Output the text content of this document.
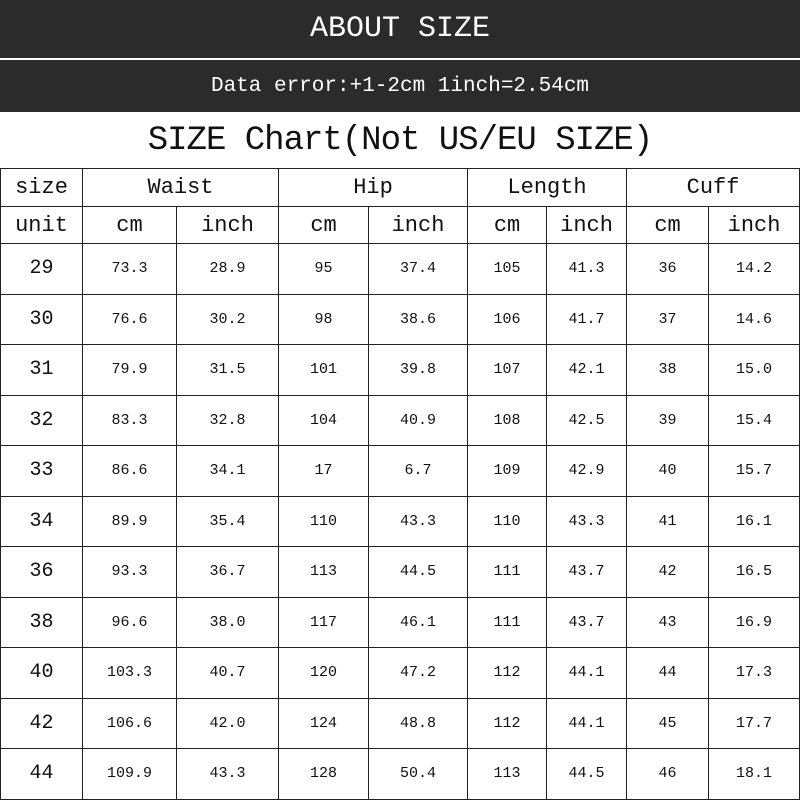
ABOUT SIZE
Data error:+1-2cm 1inch=2.54cm
SIZE Chart(Not US/EU SIZE)
size	Waist		Hip		Length		Cuff	
unit	cm	inch	cm	inch	cm	inch	cm	inch
29	73.3	28.9	95	37.4	105	41.3	36	14.2
30	76.6	30.2	98	38.6	106	41.7	37	14.6
31	79.9	31.5	101	39.8	107	42.1	38	15.0
32	83.3	32.8	104	40.9	108	42.5	39	15.4
33	86.6	34.1	17	6.7	109	42.9	40	15.7
34	89.9	35.4	110	43.3	110	43.3	41	16.1
36	93.3	36.7	113	44.5	111	43.7	42	16.5
38	96.6	38.0	117	46.1	111	43.7	43	16.9
40	103.3	40.7	120	47.2	112	44.1	44	17.3
42	106.6	42.0	124	48.8	112	44.1	45	17.7
44	109.9	43.3	128	50.4	113	44.5	46	18.1
